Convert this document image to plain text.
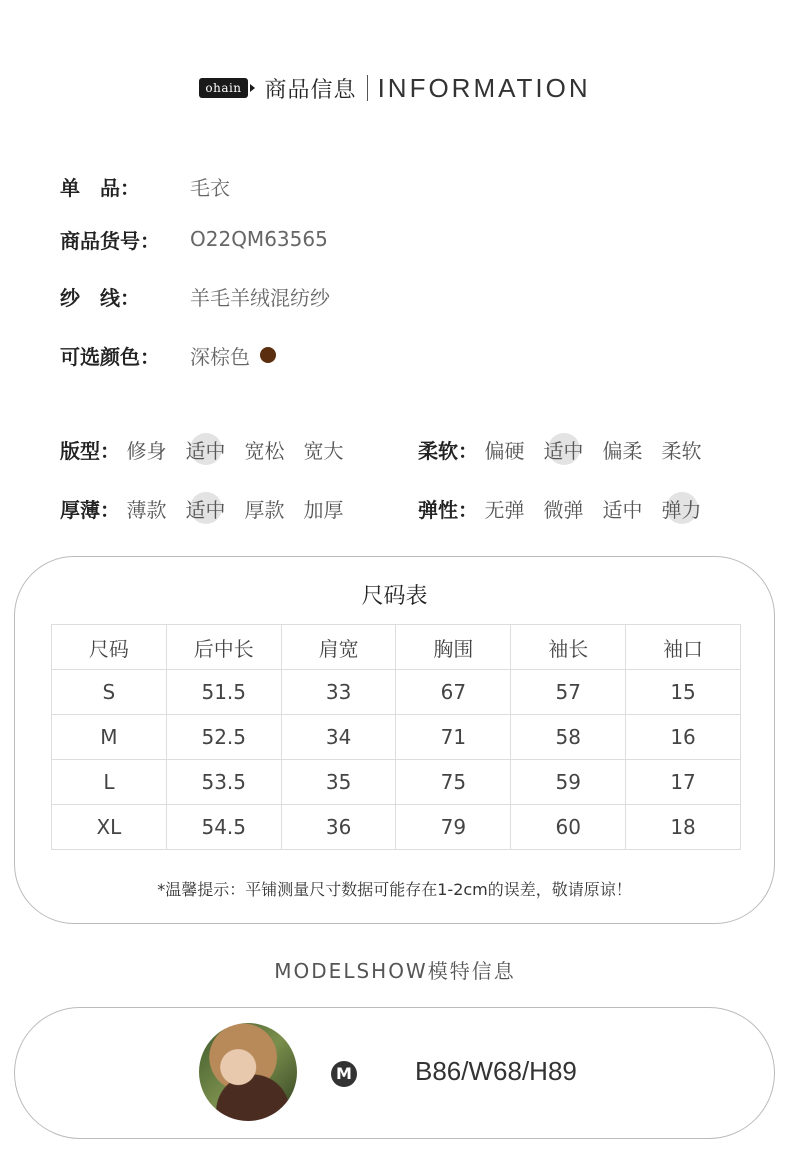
ohain 商品信息 INFORMATION
单　品：	毛衣
商品货号： O22QM63565
纱　线：	羊毛羊绒混纺纱
可选颜色： 深棕色
版型： 修身 适中 宽松 宽大	柔软： 偏硬 适中 偏柔 柔软
厚薄： 薄款 适中 厚款 加厚	弹性： 无弹 微弹 适中 弹力
尺码表
尺码	后中长	肩宽	胸围	袖长	袖口
S	51.5	33	67	57	15
M	52.5	34	71	58	16
L	53.5	35	75	59	17
XL	54.5	36	79	60	18
*温馨提示：平铺测量尺寸数据可能存在1-2cm的误差，敬请原谅！
MODELSHOW模特信息
M B86/W68/H89
